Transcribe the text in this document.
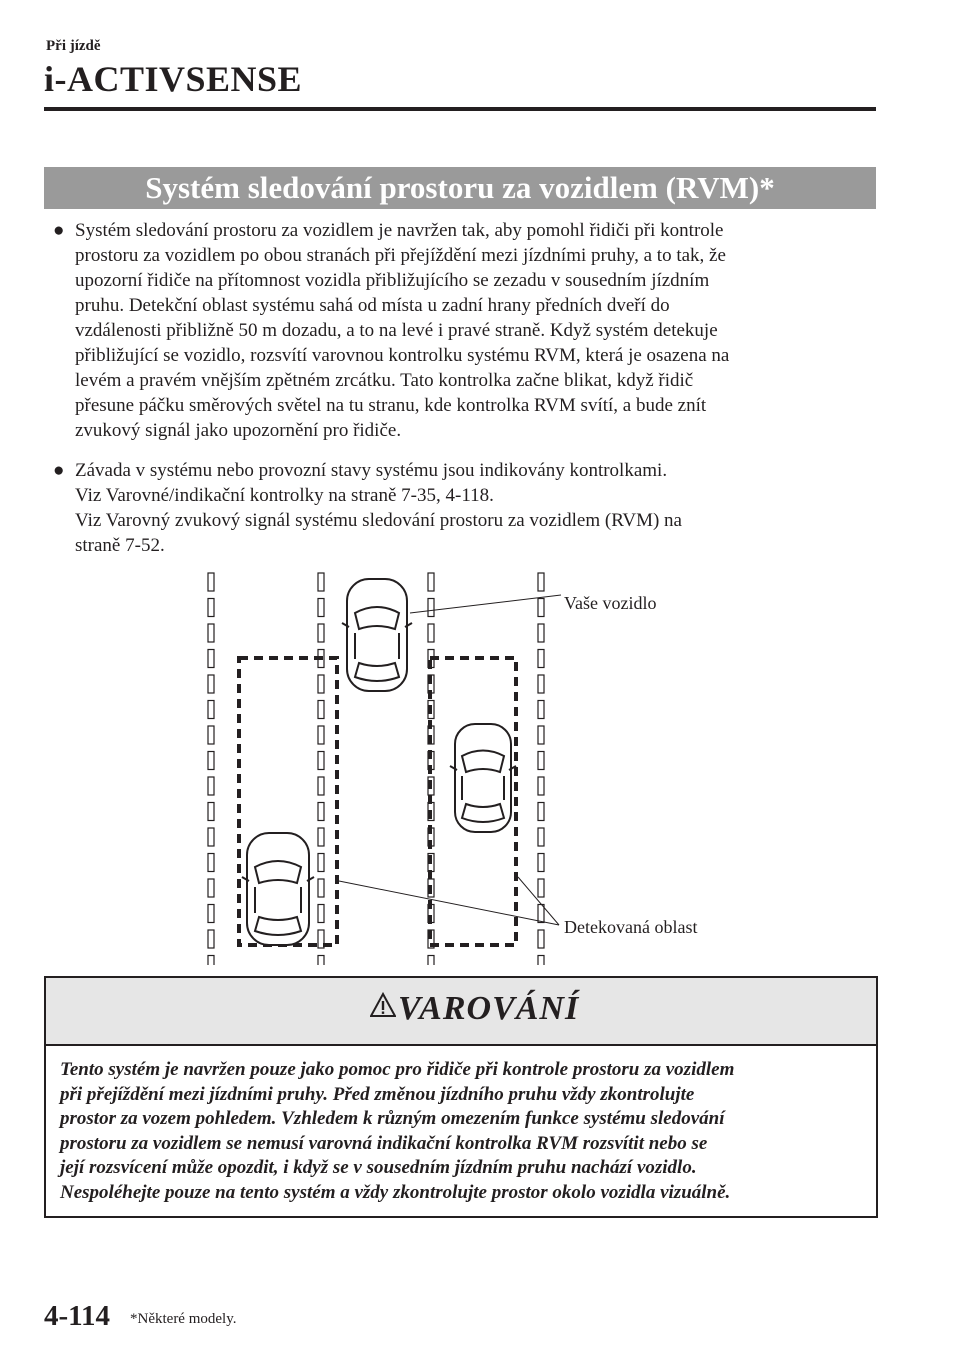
Při jízdě
i-ACTIVSENSE
Systém sledování prostoru za vozidlem (RVM)*
● Systém sledování prostoru za vozidlem je navržen tak, aby pomohl řidiči při kontrole
prostoru za vozidlem po obou stranách při přejíždění mezi jízdními pruhy, a to tak, že
upozorní řidiče na přítomnost vozidla přibližujícího se zezadu v sousedním jízdním
pruhu. Detekční oblast systému sahá od místa u zadní hrany předních dveří do
vzdálenosti přibližně 50 m dozadu, a to na levé i pravé straně. Když systém detekuje
přibližující se vozidlo, rozsvítí varovnou kontrolku systému RVM, která je osazena na
levém a pravém vnějším zpětném zrcátku. Tato kontrolka začne blikat, když řidič
přesune páčku směrových světel na tu stranu, kde kontrolka RVM svítí, a bude znít
zvukový signál jako upozornění pro řidiče.
● Závada v systému nebo provozní stavy systému jsou indikovány kontrolkami.
Viz Varovné/indikační kontrolky na straně 7-35, 4-118.
Viz Varovný zvukový signál systému sledování prostoru za vozidlem (RVM) na
straně 7-52.
Vaše vozidlo
Detekovaná oblast
VAROVÁNÍ
Tento systém je navržen pouze jako pomoc pro řidiče při kontrole prostoru za vozidlem
při přejíždění mezi jízdními pruhy. Před změnou jízdního pruhu vždy zkontrolujte
prostor za vozem pohledem. Vzhledem k různým omezením funkce systému sledování
prostoru za vozidlem se nemusí varovná indikační kontrolka RVM rozsvítit nebo se
její rozsvícení může opozdit, i když se v sousedním jízdním pruhu nachází vozidlo.
Nespoléhejte pouze na tento systém a vždy zkontrolujte prostor okolo vozidla vizuálně.
4-114 *Některé modely.
